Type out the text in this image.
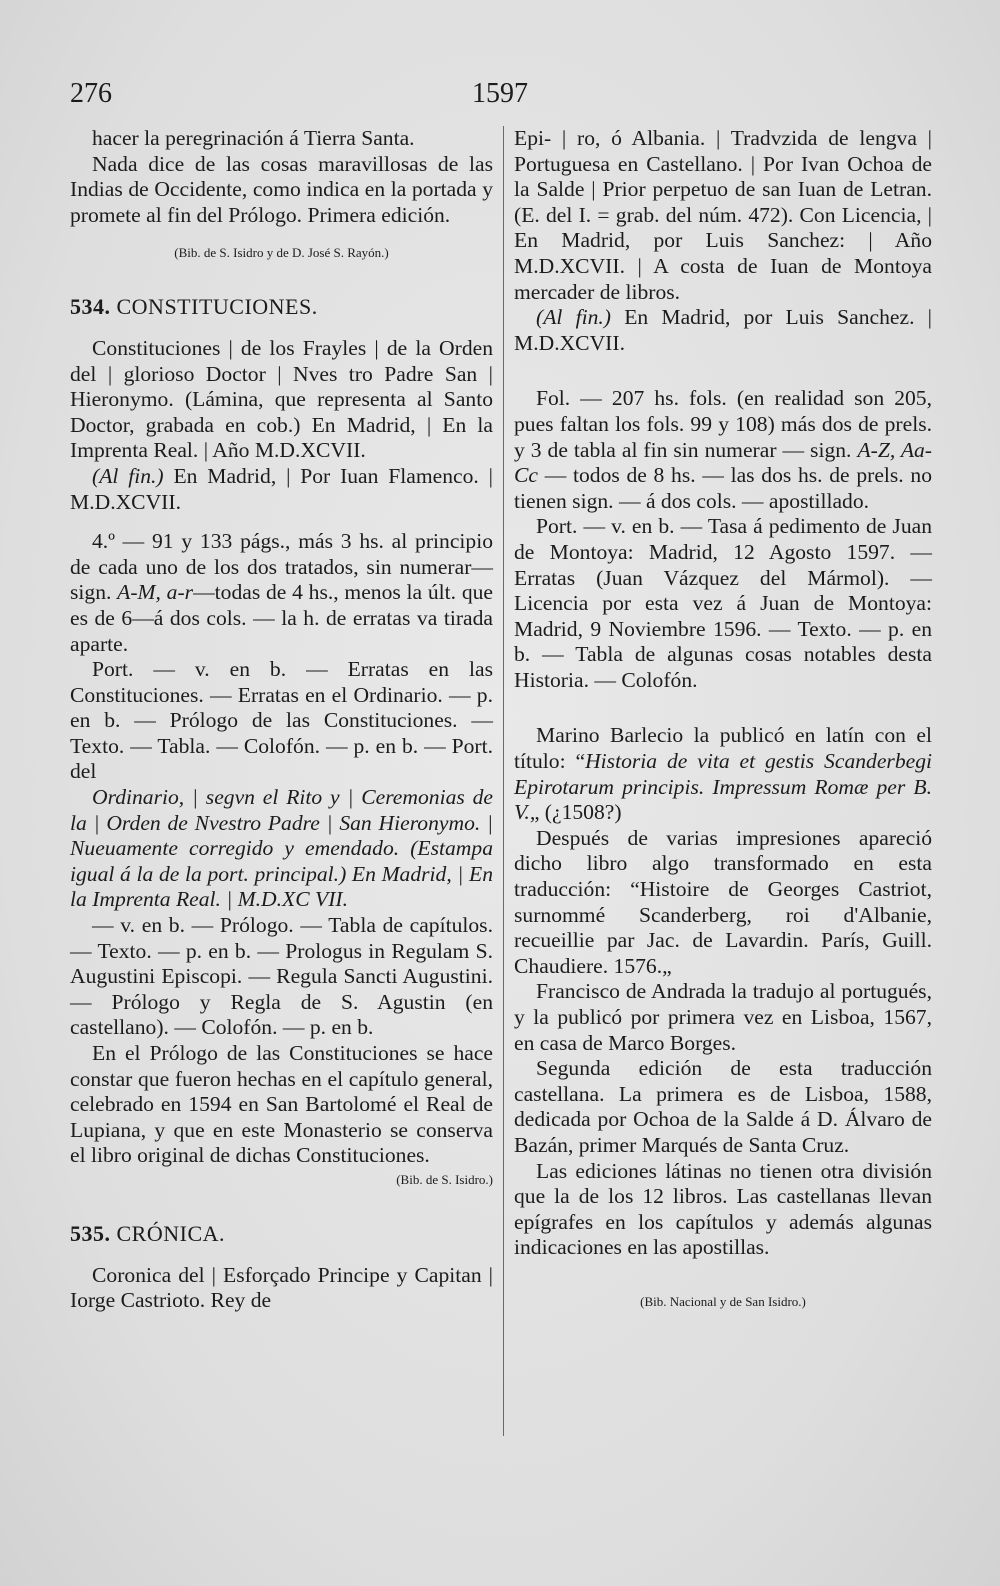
276	1597

hacer la peregrinación á Tierra Santa.

Nada dice de las cosas maravillosas de las Indias de Occidente, como indica en la portada y promete al fin del Prólogo. Primera edición.

(Bib. de S. Isidro y de D. José S. Rayón.)

534. CONSTITUCIONES.

Constituciones | de los Frayles | de la Orden del | glorioso Doctor | Nves tro Padre San | Hieronymo. (Lámina, que representa al Santo Doctor, grabada en cob.) En Madrid, | En la Imprenta Real. | Año M.D.XCVII.

(Al fin.) En Madrid, | Por Iuan Flamenco. | M.D.XCVII.

4.º — 91 y 133 págs., más 3 hs. al principio de cada uno de los dos tratados, sin numerar—sign. A-M, a-r—todas de 4 hs., menos la últ. que es de 6—á dos cols. — la h. de erratas va tirada aparte.

Port. — v. en b. — Erratas en las Constituciones. — Erratas en el Ordinario. — p. en b. — Prólogo de las Constituciones. — Texto. — Tabla. — Colofón. — p. en b. — Port. del

Ordinario, | segvn el Rito y | Ceremonias de la | Orden de Nvestro Padre | San Hieronymo. | Nueuamente corregido y emendado. (Estampa igual á la de la port. principal.) En Madrid, | En la Imprenta Real. | M.D.XC VII.

— v. en b. — Prólogo. — Tabla de capítulos. — Texto. — p. en b. — Prologus in Regulam S. Augustini Episcopi. — Regula Sancti Augustini. — Prólogo y Regla de S. Agustin (en castellano). — Colofón. — p. en b.

En el Prólogo de las Constituciones se hace constar que fueron hechas en el capítulo general, celebrado en 1594 en San Bartolomé el Real de Lupiana, y que en este Monasterio se conserva el libro original de dichas Constituciones.

(Bib. de S. Isidro.)

535. CRÓNICA.

Coronica del | Esforçado Principe y Capitan | Iorge Castrioto. Rey de

Epi- | ro, ó Albania. | Tradvzida de lengva | Portuguesa en Castellano. | Por Ivan Ochoa de la Salde | Prior perpetuo de san Iuan de Letran. (E. del I. = grab. del núm. 472). Con Licencia, | En Madrid, por Luis Sanchez: | Año M.D.XCVII. | A costa de Iuan de Montoya mercader de libros.

(Al fin.) En Madrid, por Luis Sanchez. | M.D.XCVII.

Fol. — 207 hs. fols. (en realidad son 205, pues faltan los fols. 99 y 108) más dos de prels. y 3 de tabla al fin sin numerar — sign. A-Z, Aa-Cc — todos de 8 hs. — las dos hs. de prels. no tienen sign. — á dos cols. — apostillado.

Port. — v. en b. — Tasa á pedimento de Juan de Montoya: Madrid, 12 Agosto 1597. — Erratas (Juan Vázquez del Mármol). — Licencia por esta vez á Juan de Montoya: Madrid, 9 Noviembre 1596. — Texto. — p. en b. — Tabla de algunas cosas notables desta Historia. — Colofón.

Marino Barlecio la publicó en latín con el título: “Historia de vita et gestis Scanderbegi Epirotarum principis. Impressum Romæ per B. V.„ (¿1508?)

Después de varias impresiones apareció dicho libro algo transformado en esta traducción: “Histoire de Georges Castriot, surnommé Scanderberg, roi d'Albanie, recueillie par Jac. de Lavardin. París, Guill. Chaudiere. 1576.„

Francisco de Andrada la tradujo al portugués, y la publicó por primera vez en Lisboa, 1567, en casa de Marco Borges.

Segunda edición de esta traducción castellana. La primera es de Lisboa, 1588, dedicada por Ochoa de la Salde á D. Álvaro de Bazán, primer Marqués de Santa Cruz.

Las ediciones látinas no tienen otra división que la de los 12 libros. Las castellanas llevan epígrafes en los capítulos y además algunas indicaciones en las apostillas.

(Bib. Nacional y de San Isidro.)
